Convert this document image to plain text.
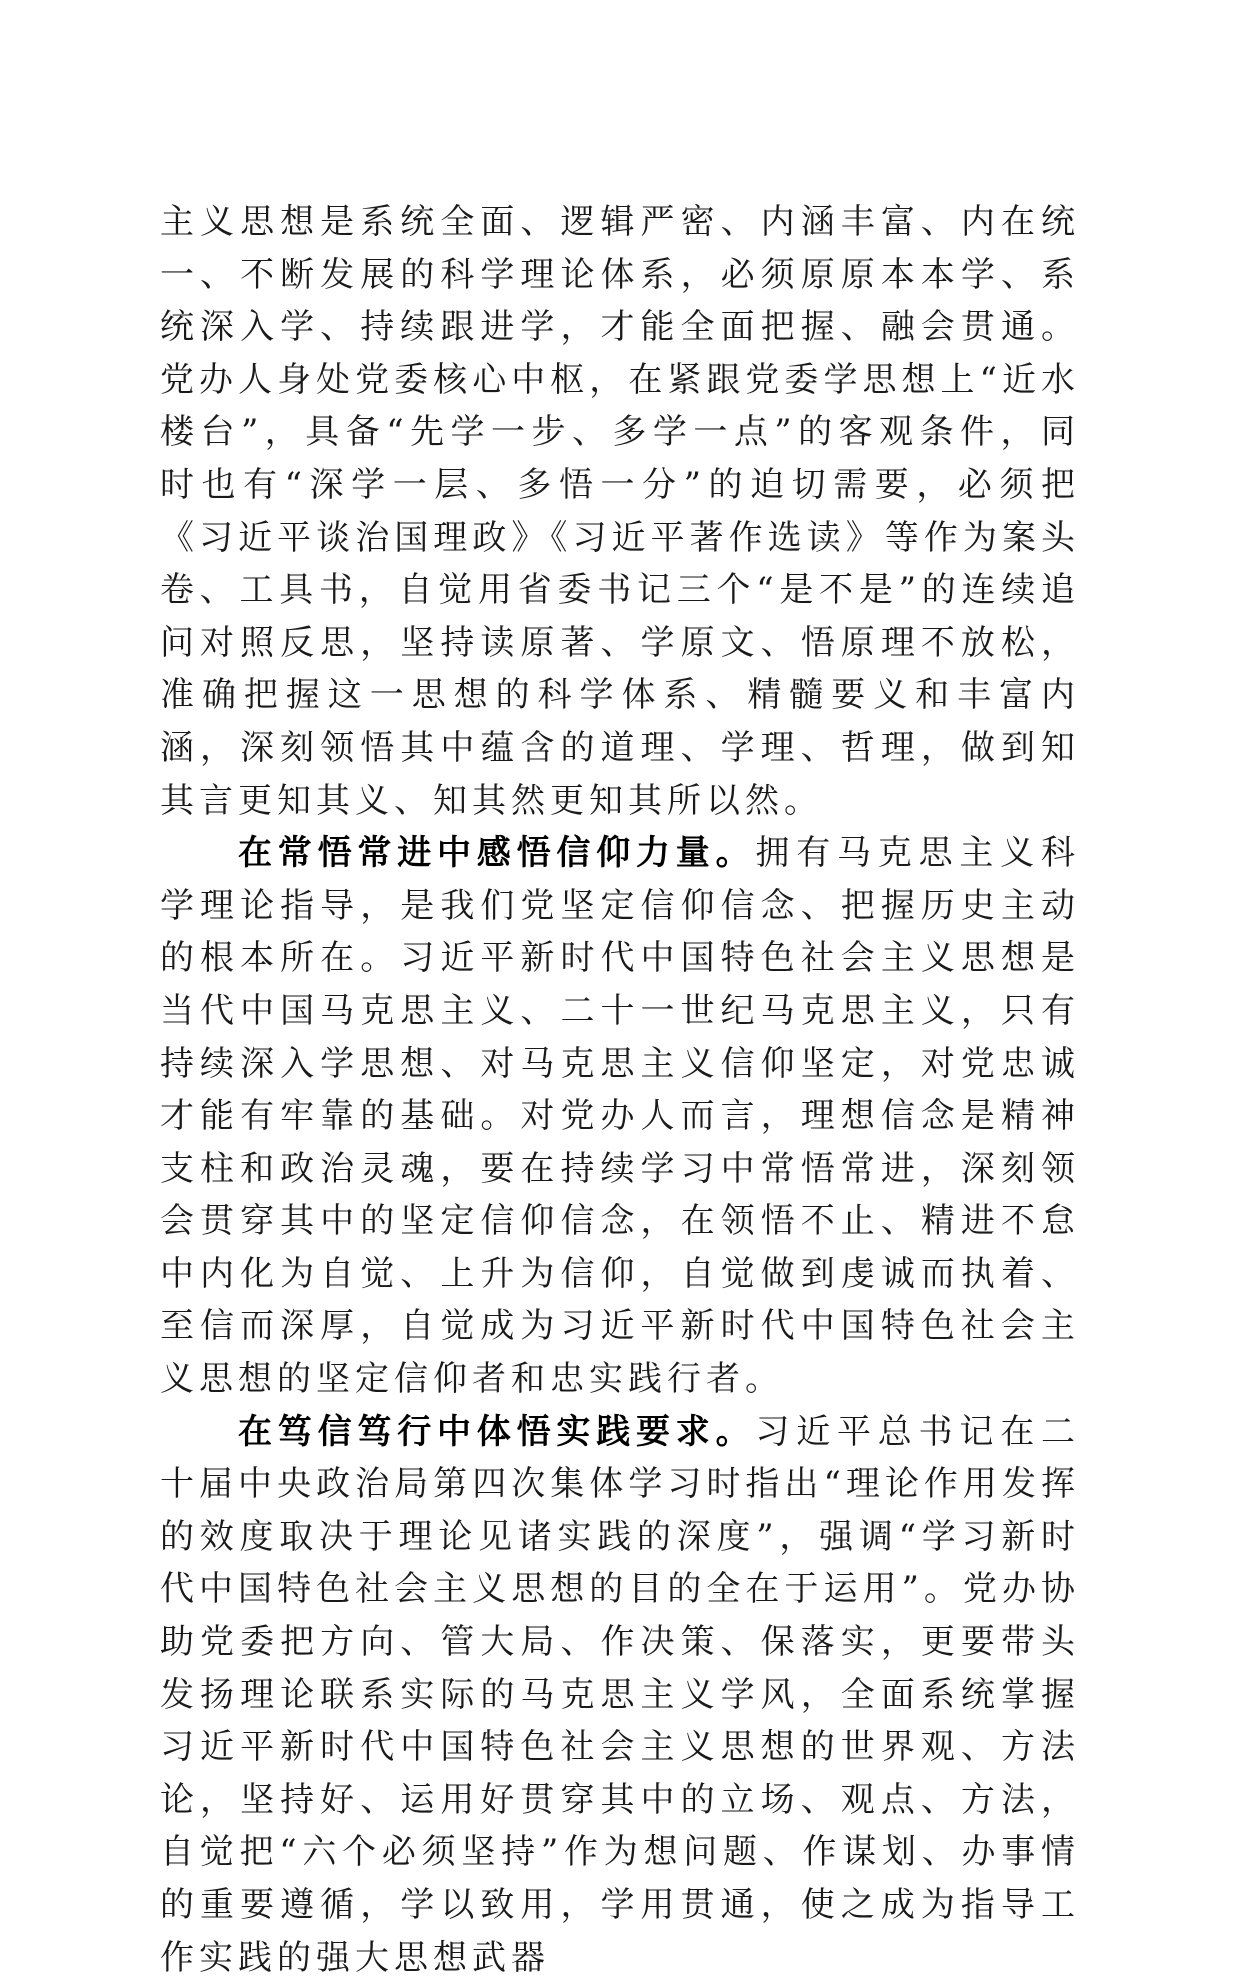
主义思想是系统全面、逻辑严密、内涵丰富、内在统一、不断发展的科学理论体系，必须原原本本学、系统深入学、持续跟进学，才能全面把握、融会贯通。党办人身处党委核心中枢，在紧跟党委学思想上“近水楼台”，具备“先学一步、多学一点”的客观条件，同时也有“深学一层、多悟一分”的迫切需要，必须把《习近平谈治国理政》《习近平著作选读》等作为案头卷、工具书，自觉用省委书记三个“是不是”的连续追问对照反思，坚持读原著、学原文、悟原理不放松，准确把握这一思想的科学体系、精髓要义和丰富内涵，深刻领悟其中蕴含的道理、学理、哲理，做到知其言更知其义、知其然更知其所以然。

在常悟常进中感悟信仰力量。拥有马克思主义科学理论指导，是我们党坚定信仰信念、把握历史主动的根本所在。习近平新时代中国特色社会主义思想是当代中国马克思主义、二十一世纪马克思主义，只有持续深入学思想、对马克思主义信仰坚定，对党忠诚才能有牢靠的基础。对党办人而言，理想信念是精神支柱和政治灵魂，要在持续学习中常悟常进，深刻领会贯穿其中的坚定信仰信念，在领悟不止、精进不怠中内化为自觉、上升为信仰，自觉做到虔诚而执着、至信而深厚，自觉成为习近平新时代中国特色社会主义思想的坚定信仰者和忠实践行者。

在笃信笃行中体悟实践要求。习近平总书记在二十届中央政治局第四次集体学习时指出“理论作用发挥的效度取决于理论见诸实践的深度”，强调“学习新时代中国特色社会主义思想的目的全在于运用”。党办协助党委把方向、管大局、作决策、保落实，更要带头发扬理论联系实际的马克思主义学风，全面系统掌握习近平新时代中国特色社会主义思想的世界观、方法论，坚持好、运用好贯穿其中的立场、观点、方法，自觉把“六个必须坚持”作为想问题、作谋划、办事情的重要遵循，学以致用，学用贯通，使之成为指导工作实践的强大思想武器
